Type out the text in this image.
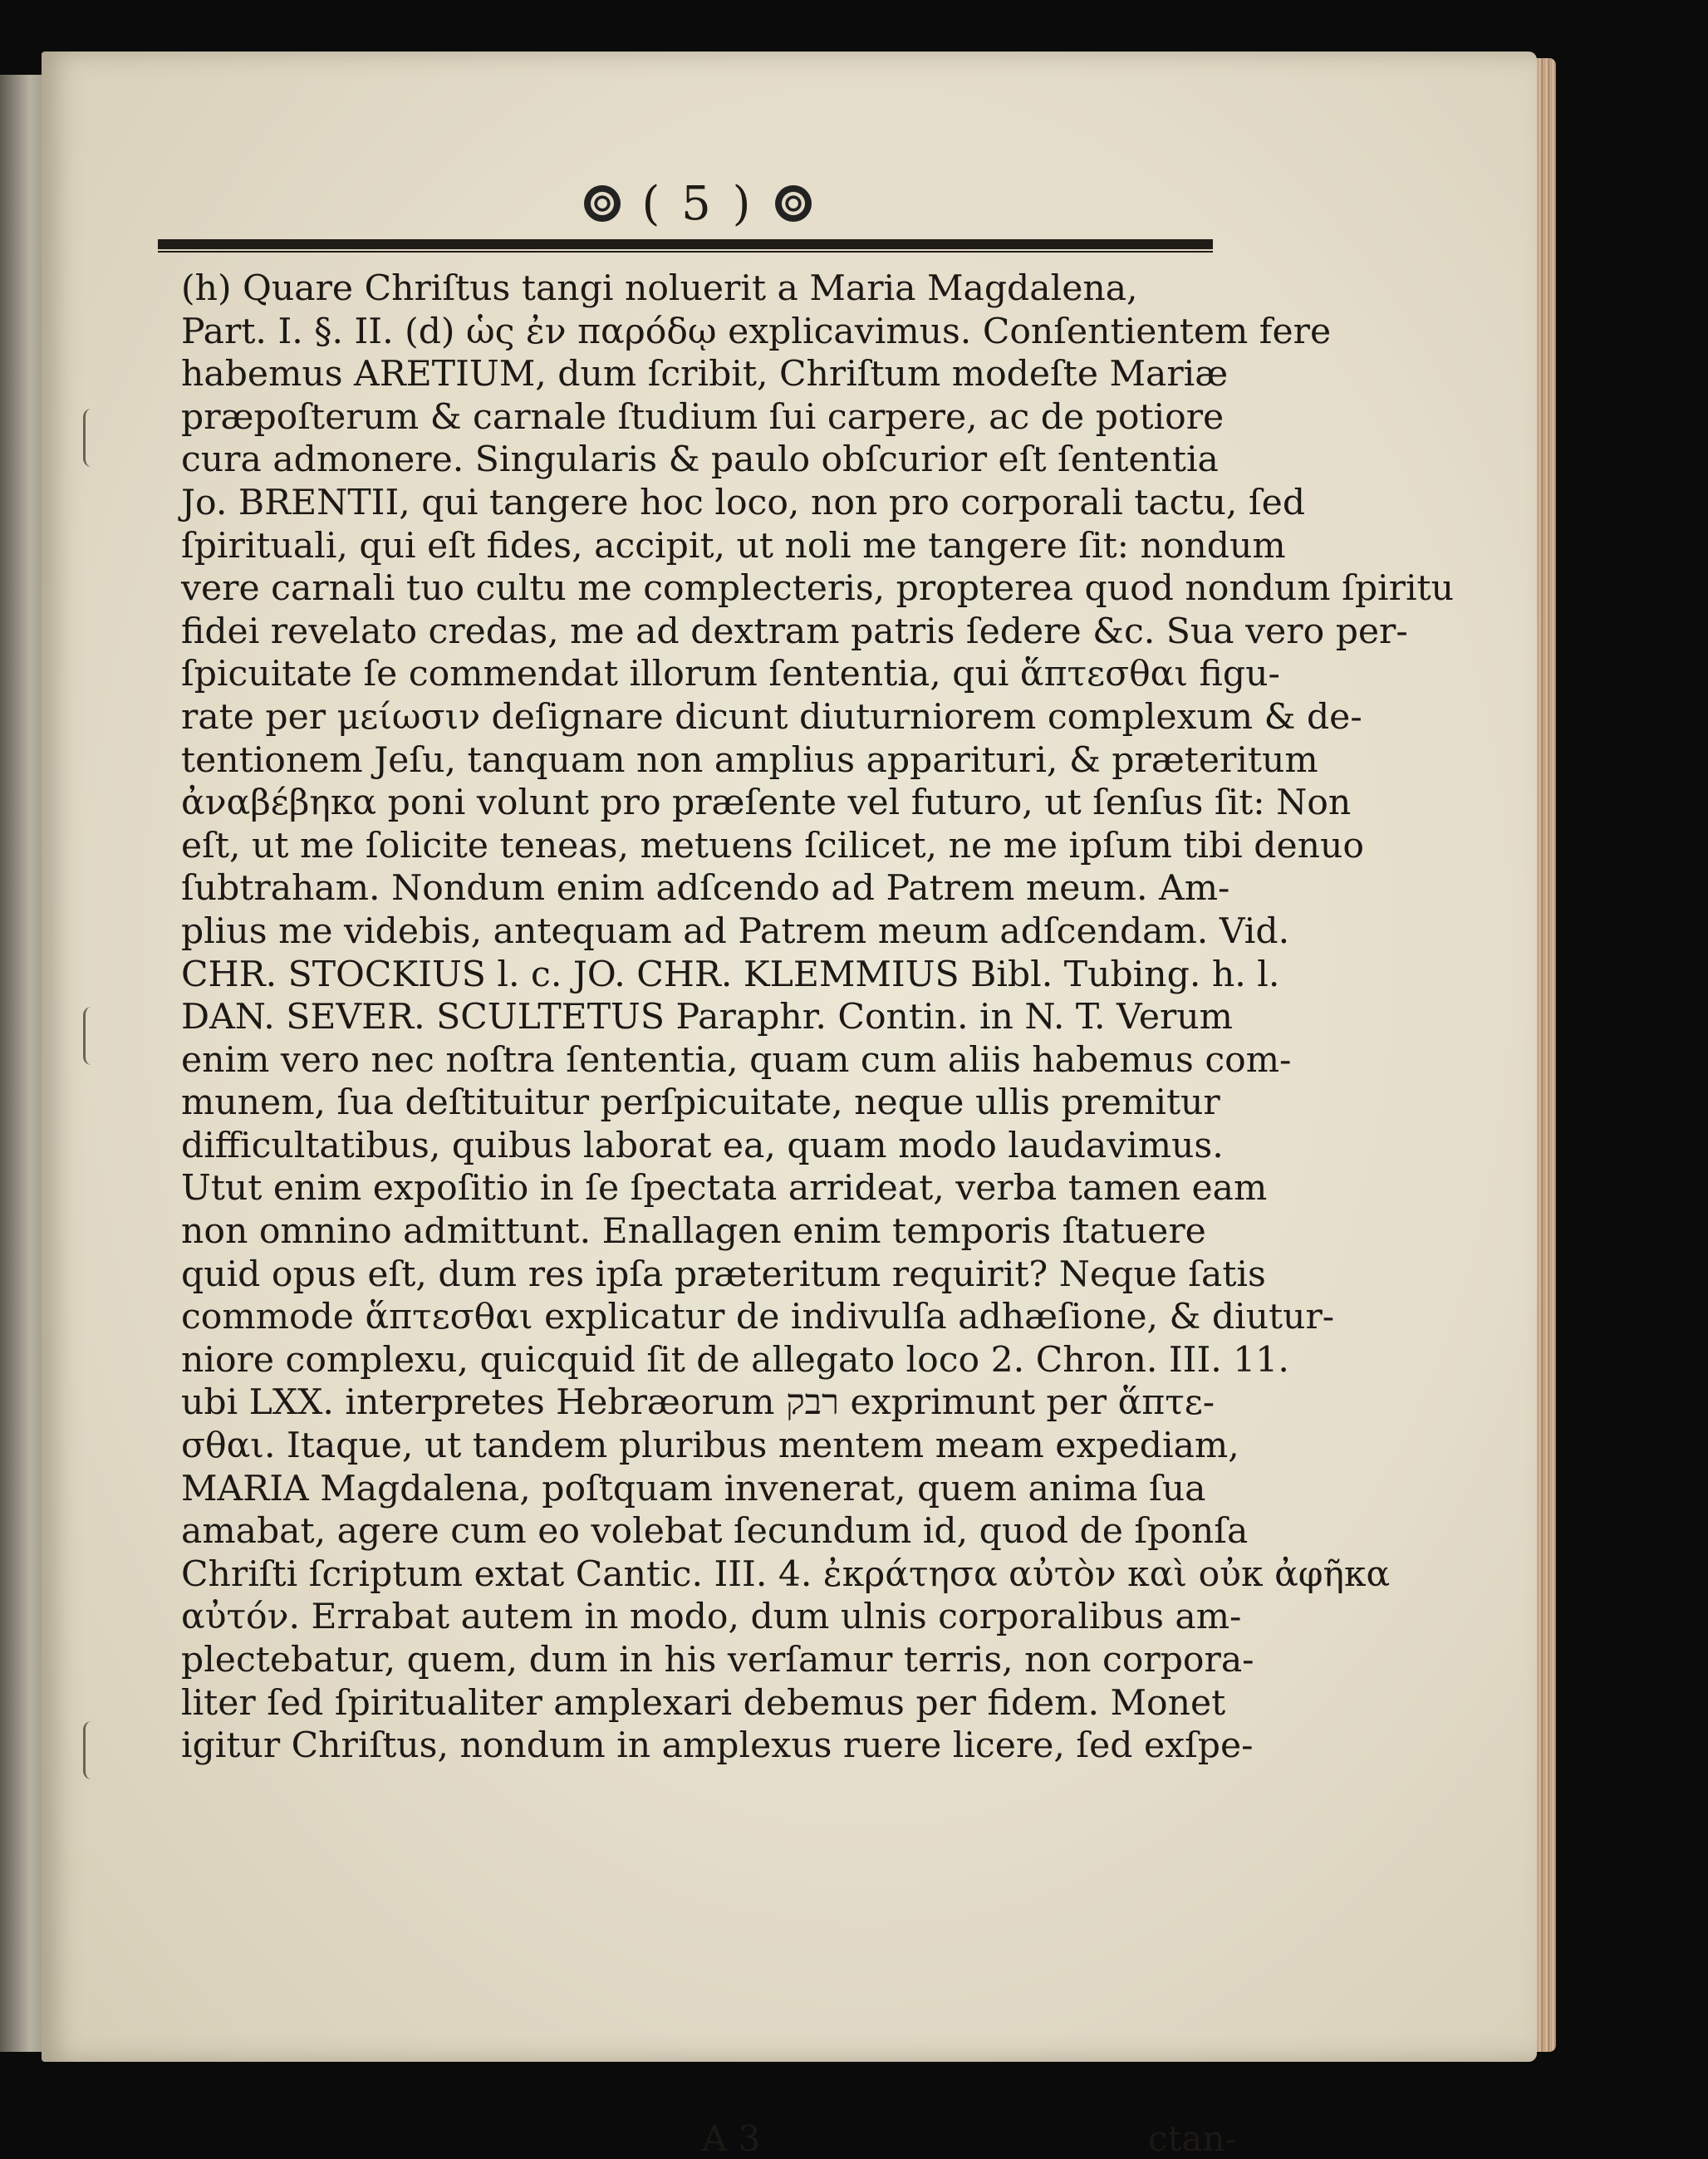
( 5 )
(h) Quare Chriſtus tangi noluerit a Maria Magdalena,
Part. I. §. II. (d) ὡς ἐν παρόδῳ explicavimus. Conſentientem fere
habemus ARETIUM, dum ſcribit, Chriſtum modeſte Mariæ
præpoſterum & carnale ſtudium ſui carpere, ac de potiore
cura admonere. Singularis & paulo obſcurior eſt ſententia
Jo. BRENTII, qui tangere hoc loco, non pro corporali tactu, ſed
ſpirituali, qui eſt fides, accipit, ut noli me tangere ſit: nondum
vere carnali tuo cultu me complecteris, propterea quod nondum ſpiritu
fidei revelato credas, me ad dextram patris ſedere &c. Sua vero per-
ſpicuitate ſe commendat illorum ſententia, qui ἅπτεσθαι figu-
rate per μείωσιν deſignare dicunt diuturniorem complexum & de-
tentionem Jeſu, tanquam non amplius appariturі, & præteritum
ἀναβέβηκα poni volunt pro præſente vel futuro, ut ſenſus ſit: Non
eſt, ut me ſolicite teneas, metuens ſcilicet, ne me ipſum tibi denuo
ſubtraham. Nondum enim adſcendo ad Patrem meum. Am-
plius me videbis, antequam ad Patrem meum adſcendam. Vid.
CHR. STOCKIUS l. c. JO. CHR. KLEMMIUS Bibl. Tubing. h. l.
DAN. SEVER. SCULTETUS Paraphr. Contin. in N. T. Verum
enim vero nec noſtra ſententia, quam cum aliis habemus com-
munem, ſua deſtituitur perſpicuitate, neque ullis premitur
difficultatibus, quibus laborat ea, quam modo laudavimus.
Utut enim expoſitio in ſe ſpectata arrideat, verba tamen eam
non omnino admittunt. Enallagen enim temporis ſtatuere
quid opus eſt, dum res ipſa præteritum requirit? Neque ſatis
commode ἅπτεσθαι explicatur de indivulſa adhæſione, & diutur-
niore complexu, quicquid ſit de allegato loco 2. Chron. III. 11.
ubi LXX. interpretes Hebræorum רבק exprimunt per ἅπτε-
σθαι. Itaque, ut tandem pluribus mentem meam expediam,
MARIA Magdalena, poſtquam invenerat, quem anima ſua
amabat, agere cum eo volebat ſecundum id, quod de ſponſa
Chriſti ſcriptum extat Cantic. III. 4. ἐκράτησα αὐτὸν καὶ οὐκ ἀφῆκα
αὐτόν. Errabat autem in modo, dum ulnis corporalibus am-
plectebatur, quem, dum in his verſamur terris, non corpora-
liter ſed ſpiritualiter amplexari debemus per fidem. Monet
igitur Chriſtus, nondum in amplexus ruere licere, ſed exſpe-
A 3	ctan-
